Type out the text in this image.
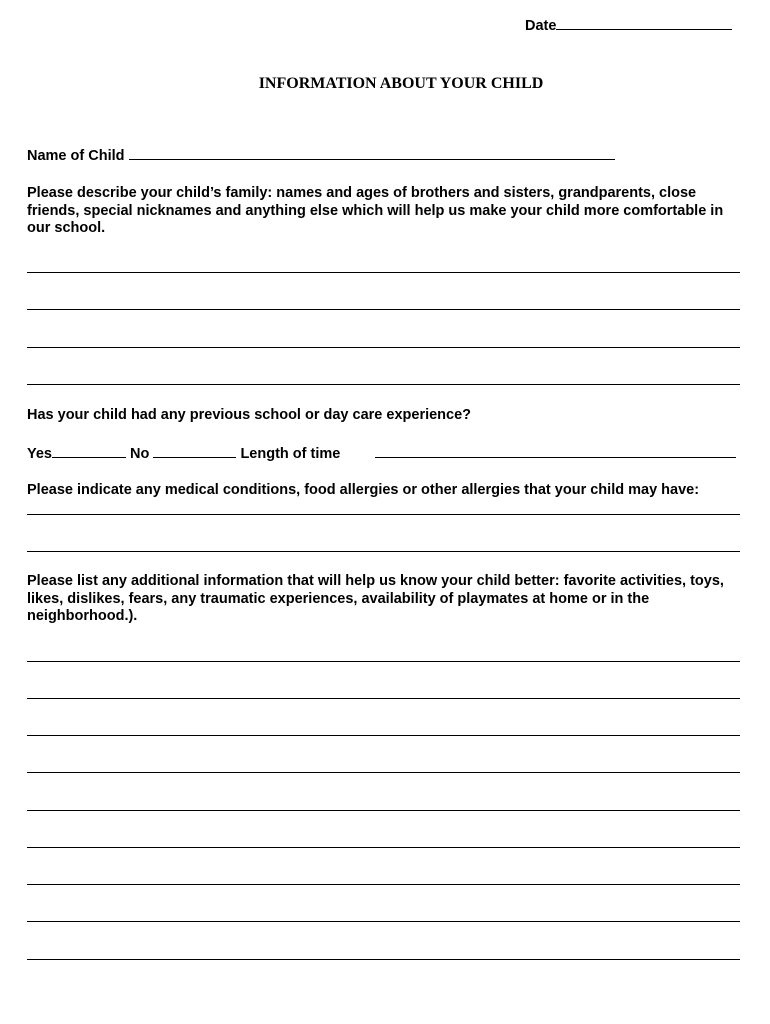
Date
INFORMATION ABOUT YOUR CHILD
Name of Child
Please describe your child’s family: names and ages of brothers and sisters, grandparents, close friends, special nicknames and anything else which will help us make your child more comfortable in our school.
Has your child had any previous school or day care experience?
Yes	No	Length of time
Please indicate any medical conditions, food allergies or other allergies that your child may have:
Please list any additional information that will help us know your child better: favorite activities, toys, likes, dislikes, fears, any traumatic experiences, availability of playmates at home or in the neighborhood.).
